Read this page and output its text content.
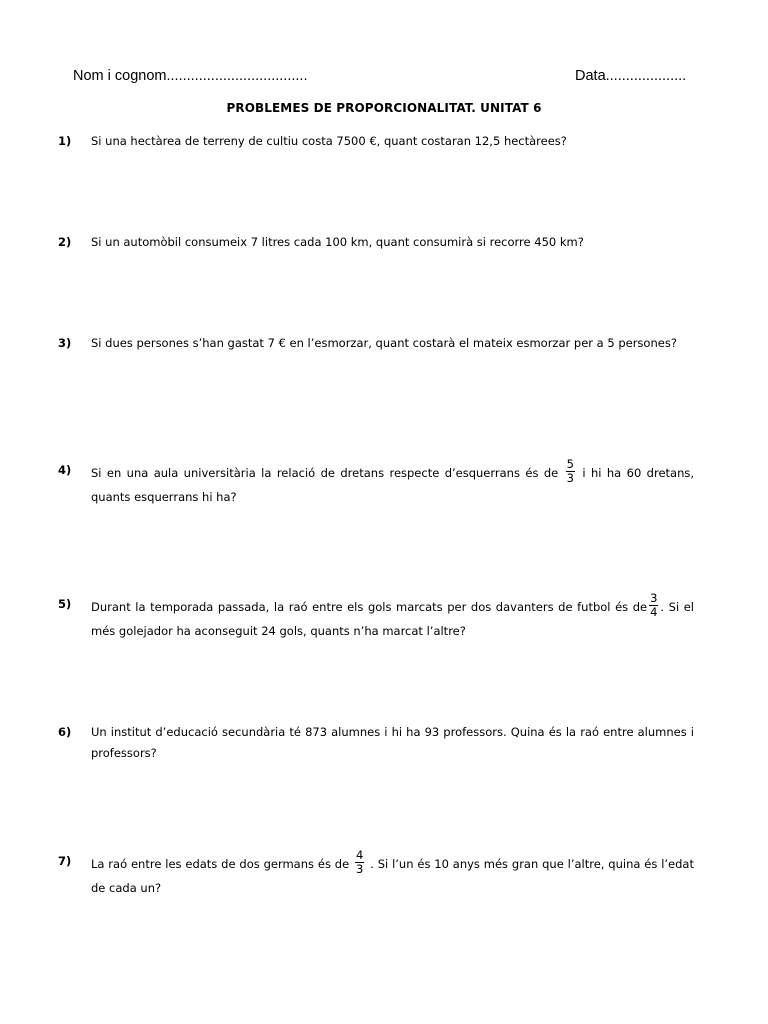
Nom i cognom...................................	Data....................
PROBLEMES DE PROPORCIONALITAT. UNITAT 6
1) Si una hectàrea de terreny de cultiu costa 7500 €, quant costaran 12,5 hectàrees?
2) Si un automòbil consumeix 7 litres cada 100 km, quant consumirà si recorre 450 km?
3) Si dues persones s’han gastat 7 € en l’esmorzar, quant costarà el mateix esmorzar per a 5 persones?
4) Si en una aula universitària la relació de dretans respecte d’esquerrans és de $\frac{5}{3}$ i hi ha 60 dretans, quants esquerrans hi ha?
5) Durant la temporada passada, la raó entre els gols marcats per dos davanters de futbol és de $\frac{3}{4}$ . Si el més golejador ha aconseguit 24 gols, quants n’ha marcat l’altre?
6) Un institut d’educació secundària té 873 alumnes i hi ha 93 professors. Quina és la raó entre alumnes i professors?
7) La raó entre les edats de dos germans és de $\frac{4}{3}$ . Si l’un és 10 anys més gran que l’altre, quina és l’edat de cada un?
